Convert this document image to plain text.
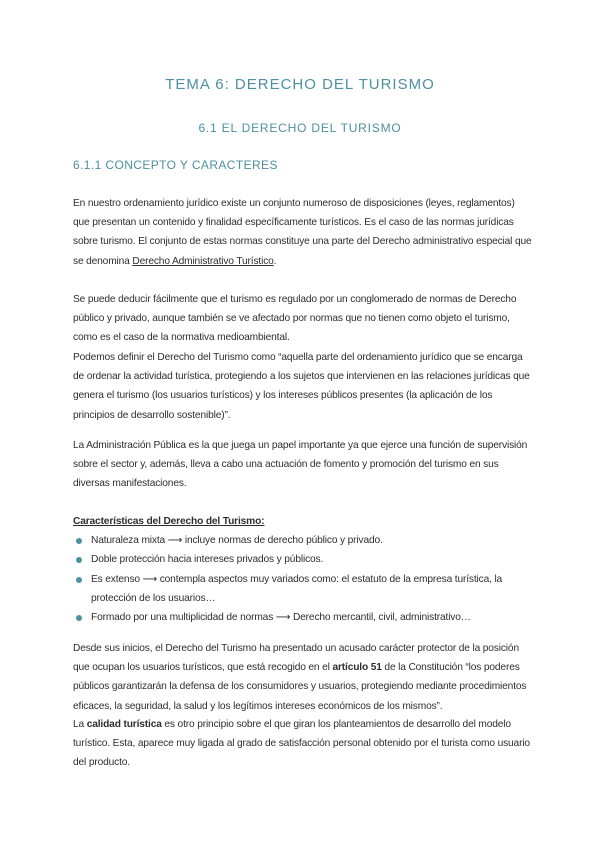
TEMA 6: DERECHO DEL TURISMO
6.1 EL DERECHO DEL TURISMO
6.1.1 CONCEPTO Y CARACTERES
En nuestro ordenamiento jurídico existe un conjunto numeroso de disposiciones (leyes, reglamentos) que presentan un contenido y finalidad específicamente turísticos. Es el caso de las normas jurídicas sobre turismo. El conjunto de estas normas constituye una parte del Derecho administrativo especial que se denomina Derecho Administrativo Turístico.
Se puede deducir fácilmente que el turismo es regulado por un conglomerado de normas de Derecho público y privado, aunque también se ve afectado por normas que no tienen como objeto el turismo, como es el caso de la normativa medioambiental.
Podemos definir el Derecho del Turismo como “aquella parte del ordenamiento jurídico que se encarga de ordenar la actividad turística, protegiendo a los sujetos que intervienen en las relaciones jurídicas que genera el turismo (los usuarios turísticos) y los intereses públicos presentes (la aplicación de los principios de desarrollo sostenible)”.
La Administración Pública es la que juega un papel importante ya que ejerce una función de supervisión sobre el sector y, además, lleva a cabo una actuación de fomento y promoción del turismo en sus diversas manifestaciones.
Características del Derecho del Turismo:
Naturaleza mixta ⟶ incluye normas de derecho público y privado.
Doble protección hacia intereses privados y públicos.
Es extenso ⟶ contempla aspectos muy variados como: el estatuto de la empresa turística, la protección de los usuarios…
Formado por una multiplicidad de normas ⟶ Derecho mercantil, civil, administrativo…
Desde sus inicios, el Derecho del Turismo ha presentado un acusado carácter protector de la posición que ocupan los usuarios turísticos, que está recogido en el artículo 51 de la Constitución “los poderes públicos garantizarán la defensa de los consumidores y usuarios, protegiendo mediante procedimientos eficaces, la seguridad, la salud y los legítimos intereses económicos de los mismos”.
La calidad turística es otro principio sobre el que giran los planteamientos de desarrollo del modelo turístico. Esta, aparece muy ligada al grado de satisfacción personal obtenido por el turista como usuario del producto.
